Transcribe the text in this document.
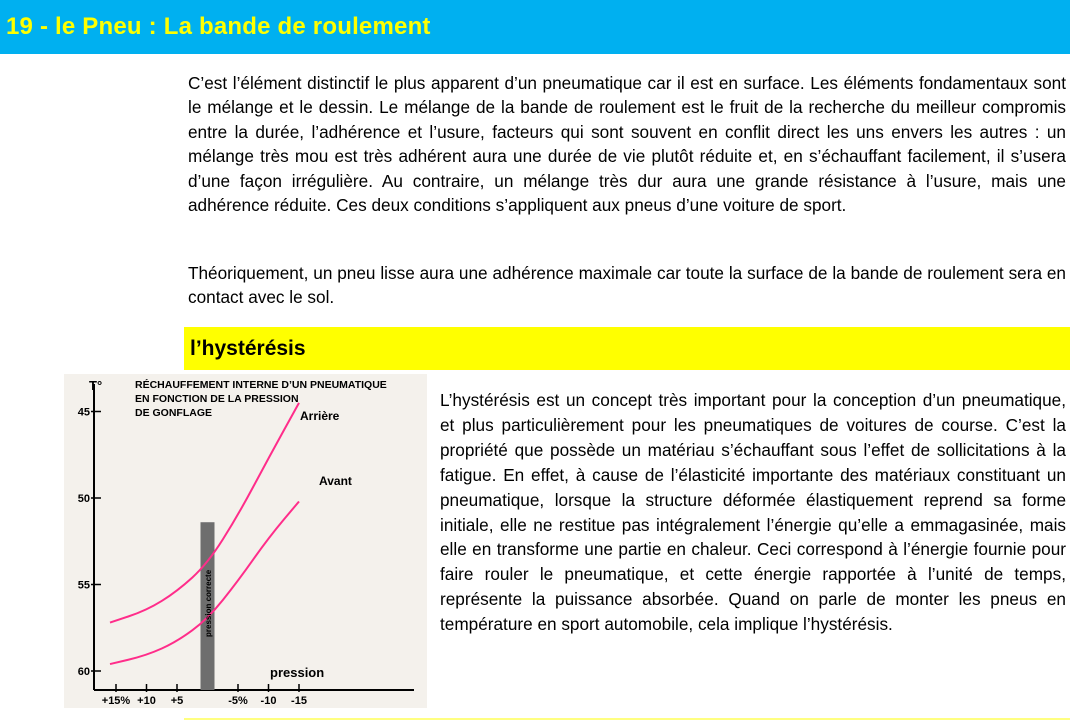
19 - le Pneu : La bande de roulement

C’est l’élément distinctif le plus apparent d’un pneumatique car il est en surface. Les éléments fondamentaux sont le mélange et le dessin. Le mélange de la bande de roulement est le fruit de la recherche du meilleur compromis entre la durée, l’adhérence et l’usure, facteurs qui sont souvent en conflit direct les uns envers les autres : un mélange très mou est très adhérent aura une durée de vie plutôt réduite et, en s’échauffant facilement, il s’usera d’une façon irrégulière. Au contraire, un mélange très dur aura une grande résistance à l’usure, mais une adhérence réduite. Ces deux conditions s’appliquent aux pneus d’une voiture de sport.

Théoriquement, un pneu lisse aura une adhérence maximale car toute la surface de la bande de roulement sera en contact avec le sol.

l’hystérésis
60
55
50
45
+15% +10 +5	-5% -10 -15
T°	RÉCHAUFFEMENT INTERNE D’UN PNEUMATIQUE
EN FONCTION DE LA PRESSION
DE GONFLAGE	Arrière
Avant
pression
pression correcte

L’hystérésis est un concept très important pour la conception d’un pneumatique, et plus particulièrement pour les pneumatiques de voitures de course. C’est la propriété que possède un matériau s’échauffant sous l’effet de sollicitations à la fatigue. En effet, à cause de l’élasticité importante des matériaux constituant un pneumatique, lorsque la structure déformée élastiquement reprend sa forme initiale, elle ne restitue pas intégralement l’énergie qu’elle a emmagasinée, mais elle en transforme une partie en chaleur. Ceci correspond à l’énergie fournie pour faire rouler le pneumatique, et cette énergie rapportée à l’unité de temps, représente la puissance absorbée. Quand on parle de monter les pneus en température en sport automobile, cela implique l’hystérésis.
